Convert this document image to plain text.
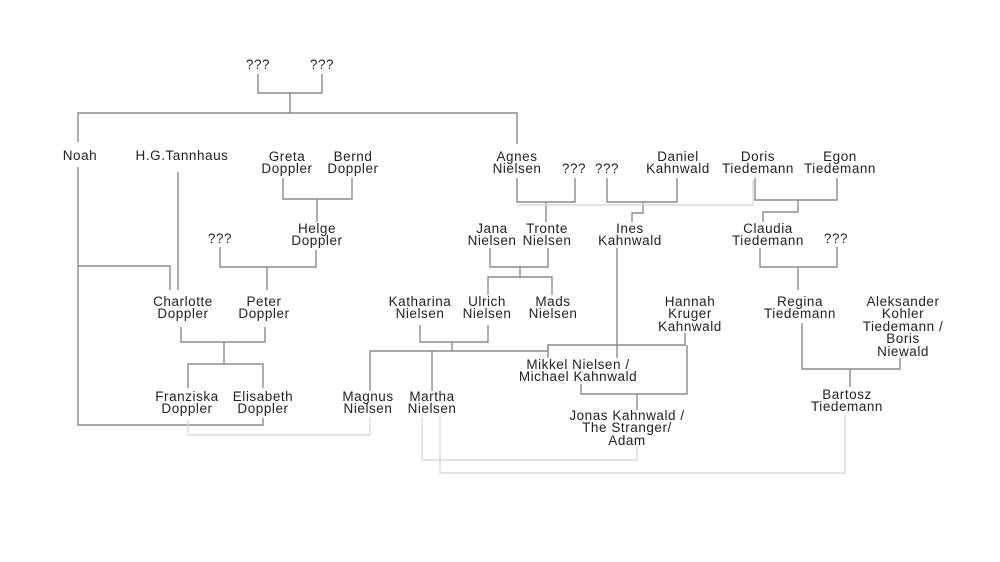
???	???
Noah	H.G.Tannhaus	Greta
Doppler
Bernd
Doppler
Agnes
Nielsen ??? ???
Daniel
Kahnwald
Doris
Tiedemann
Egon
Tiedemann
???
Helge
Doppler
Jana
Nielsen
Tronte
Nielsen
Ines
Kahnwald
Claudia
Tiedemann ???
Charlotte
Doppler
Peter
Doppler
Katharina
Nielsen
Ulrich
Nielsen
Mads
Nielsen
Hannah
Kruger
Kahnwald
Regina
Tiedemann
Aleksander
Kohler
Tiedemann /
Boris
Niewald
Franziska
Doppler
Elisabeth
Doppler
Magnus
Nielsen
Martha
Nielsen
Mikkel Nielsen /
Michael Kahnwald
Bartosz
Tiedemann
Jonas Kahnwald /
The Stranger/
Adam
